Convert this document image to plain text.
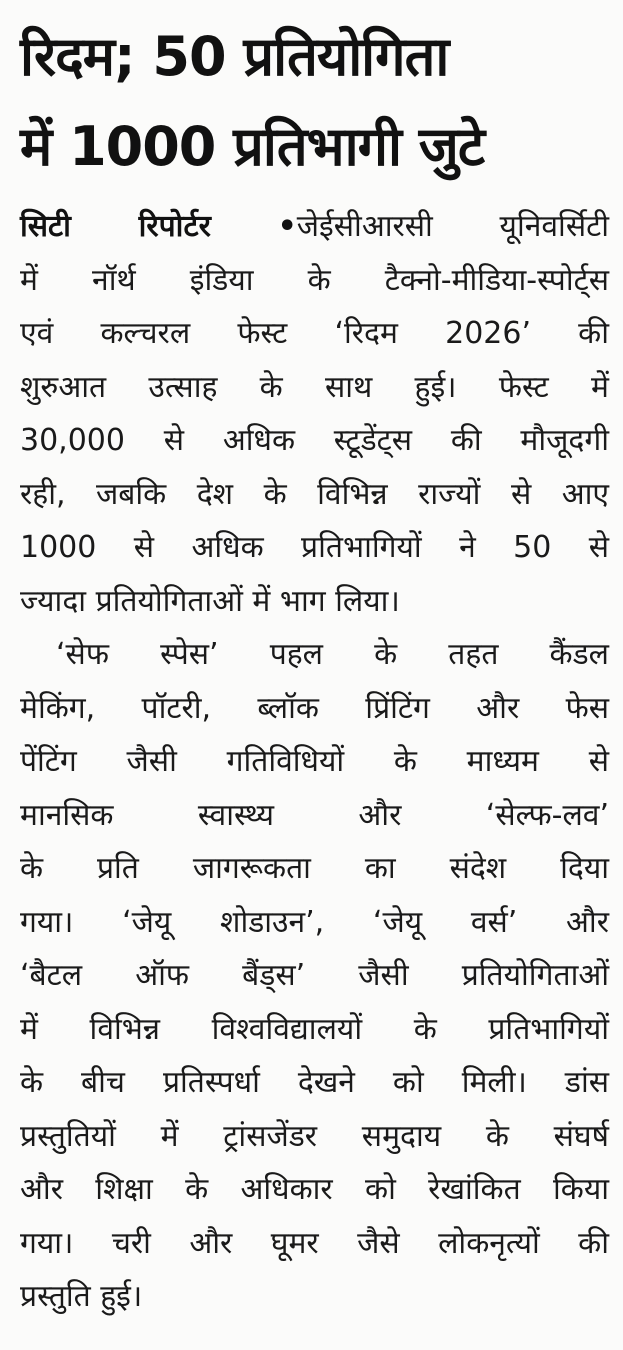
रिदम; 50 प्रतियोगिता
में 1000 प्रतिभागी जुटे
सिटी रिपोर्टर •जेईसीआरसी यूनिवर्सिटी
में नॉर्थ इंडिया के टैक्नो-मीडिया-स्पोर्ट्स
एवं कल्चरल फेस्ट ‘रिदम 2026’ की
शुरुआत उत्साह के साथ हुई। फेस्ट में
30,000 से अधिक स्टूडेंट्स की मौजूदगी
रही, जबकि देश के विभिन्न राज्यों से आए
1000 से अधिक प्रतिभागियों ने 50 से
ज्यादा प्रतियोगिताओं में भाग लिया।
‘सेफ स्पेस’ पहल के तहत कैंडल
मेकिंग, पॉटरी, ब्लॉक प्रिंटिंग और फेस
पेंटिंग जैसी गतिविधियों के माध्यम से
मानसिक स्वास्थ्य और ‘सेल्फ-लव’
के प्रति जागरूकता का संदेश दिया
गया। ‘जेयू शोडाउन’, ‘जेयू वर्स’ और
‘बैटल ऑफ बैंड्स’ जैसी प्रतियोगिताओं
में विभिन्न विश्वविद्यालयों के प्रतिभागियों
के बीच प्रतिस्पर्धा देखने को मिली। डांस
प्रस्तुतियों में ट्रांसजेंडर समुदाय के संघर्ष
और शिक्षा के अधिकार को रेखांकित किया
गया। चरी और घूमर जैसे लोकनृत्यों की
प्रस्तुति हुई।
